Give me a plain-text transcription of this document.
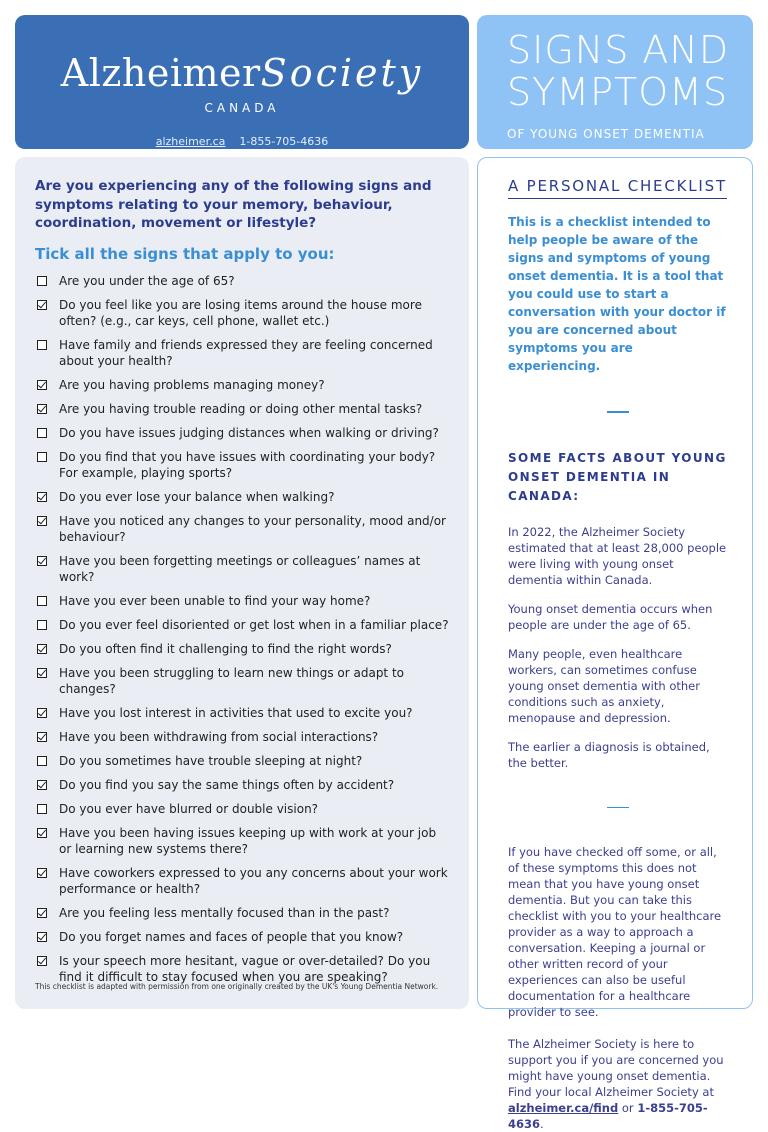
AlzheimerSociety
CANADA
alzheimer.ca 1-855-705-4636
SIGNS AND
SYMPTOMS
OF YOUNG ONSET DEMENTIA
Are you experiencing any of the following signs and symptoms relating to your memory, behaviour, coordination, movement or lifestyle?
Tick all the signs that apply to you:
Are you under the age of 65?
Do you feel like you are losing items around the house more often? (e.g., car keys, cell phone, wallet etc.)
Have family and friends expressed they are feeling concerned about your health?
Are you having problems managing money?
Are you having trouble reading or doing other mental tasks?
Do you have issues judging distances when walking or driving?
Do you find that you have issues with coordinating your body? For example, playing sports?
Do you ever lose your balance when walking?
Have you noticed any changes to your personality, mood and/or behaviour?
Have you been forgetting meetings or colleagues’ names at work?
Have you ever been unable to find your way home?
Do you ever feel disoriented or get lost when in a familiar place?
Do you often find it challenging to find the right words?
Have you been struggling to learn new things or adapt to changes?
Have you lost interest in activities that used to excite you?
Have you been withdrawing from social interactions?
Do you sometimes have trouble sleeping at night?
Do you find you say the same things often by accident?
Do you ever have blurred or double vision?
Have you been having issues keeping up with work at your job or learning new systems there?
Have coworkers expressed to you any concerns about your work performance or health?
Are you feeling less mentally focused than in the past?
Do you forget names and faces of people that you know?
Is your speech more hesitant, vague or over-detailed? Do you find it difficult to stay focused when you are speaking?
This checklist is adapted with permission from one originally created by the UK's Young Dementia Network.
A PERSONAL CHECKLIST
This is a checklist intended to help people be aware of the signs and symptoms of young onset dementia. It is a tool that you could use to start a conversation with your doctor if you are concerned about symptoms you are experiencing.
SOME FACTS ABOUT YOUNG ONSET DEMENTIA IN CANADA:

In 2022, the Alzheimer Society estimated that at least 28,000 people were living with young onset dementia within Canada.

Young onset dementia occurs when people are under the age of 65.

Many people, even healthcare workers, can sometimes confuse young onset dementia with other conditions such as anxiety, menopause and depression.

The earlier a diagnosis is obtained, the better.

If you have checked off some, or all, of these symptoms this does not mean that you have young onset dementia. But you can take this checklist with you to your healthcare provider as a way to approach a conversation. Keeping a journal or other written record of your experiences can also be useful documentation for a healthcare provider to see.

The Alzheimer Society is here to support you if you are concerned you might have young onset dementia. Find your local Alzheimer Society at alzheimer.ca/find or 1-855-705-4636.
